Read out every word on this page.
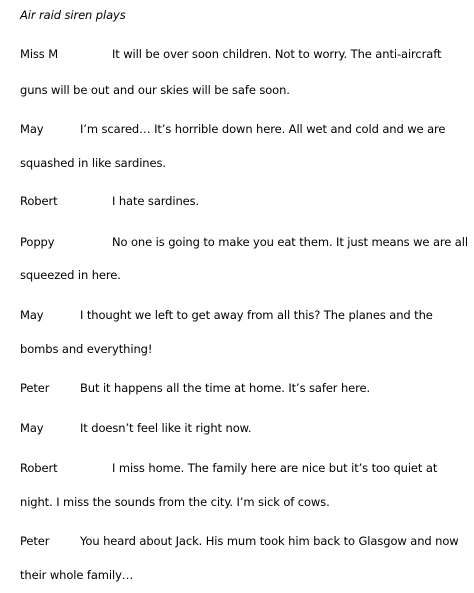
Air raid siren plays
Miss M	It will be over soon children. Not to worry. The anti-aircraft
guns will be out and our skies will be safe soon.
May	I’m scared… It’s horrible down here. All wet and cold and we are
squashed in like sardines.
Robert	I hate sardines.
Poppy	No one is going to make you eat them. It just means we are all
squeezed in here.
May	I thought we left to get away from all this? The planes and the
bombs and everything!
Peter	But it happens all the time at home. It’s safer here.
May	It doesn’t feel like it right now.
Robert	I miss home. The family here are nice but it’s too quiet at
night. I miss the sounds from the city. I’m sick of cows.
Peter	You heard about Jack. His mum took him back to Glasgow and now
their whole family…
